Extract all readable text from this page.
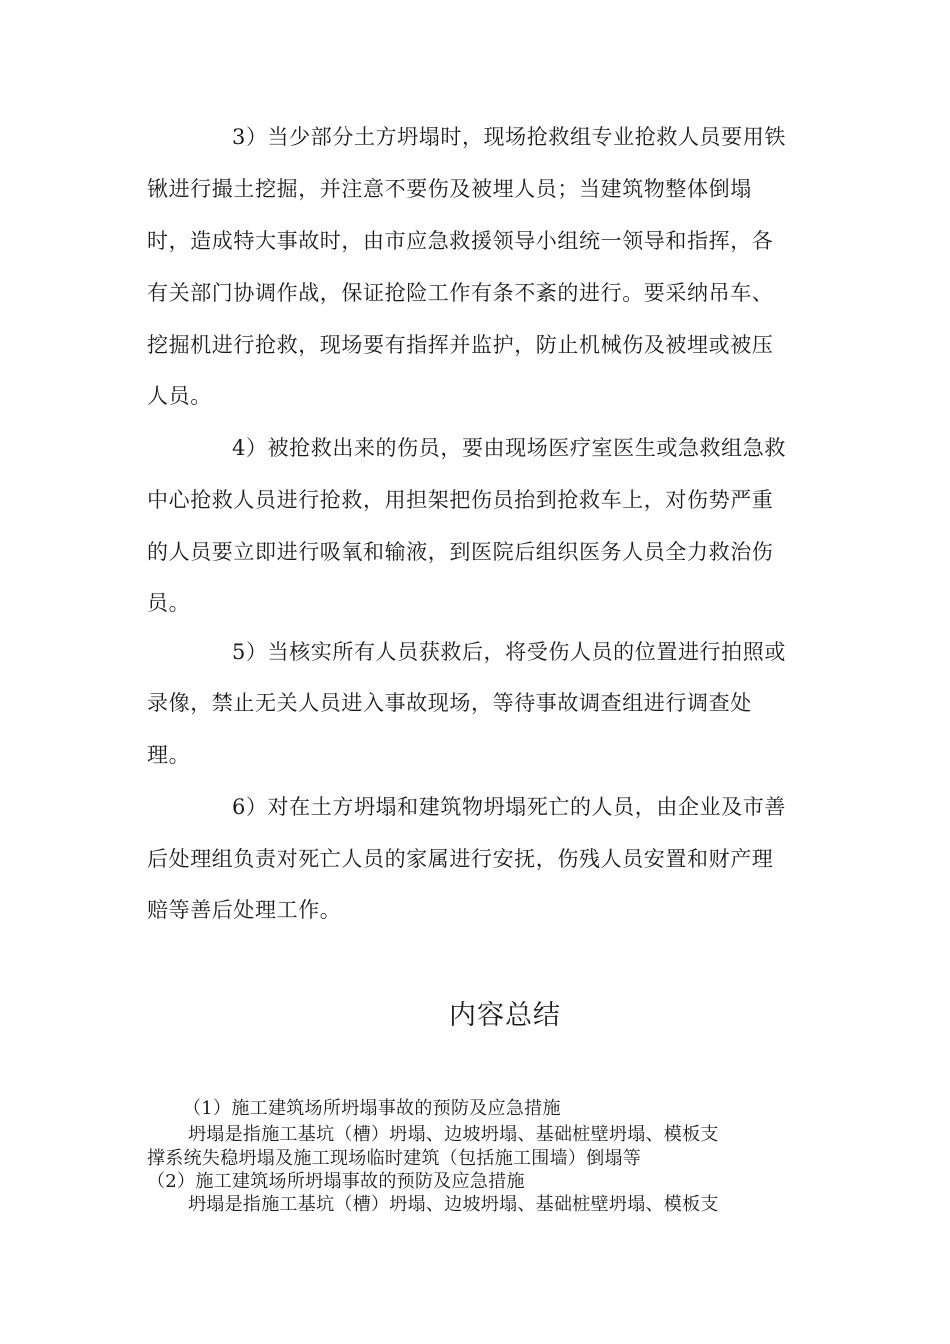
3）当少部分土方坍塌时，现场抢救组专业抢救人员要用铁
锹进行撮土挖掘，并注意不要伤及被埋人员；当建筑物整体倒塌
时，造成特大事故时，由市应急救援领导小组统一领导和指挥，各
有关部门协调作战，保证抢险工作有条不紊的进行。要采纳吊车、
挖掘机进行抢救，现场要有指挥并监护，防止机械伤及被埋或被压
人员。
4）被抢救出来的伤员，要由现场医疗室医生或急救组急救
中心抢救人员进行抢救，用担架把伤员抬到抢救车上，对伤势严重
的人员要立即进行吸氧和输液，到医院后组织医务人员全力救治伤
员。
5）当核实所有人员获救后，将受伤人员的位置进行拍照或
录像，禁止无关人员进入事故现场，等待事故调查组进行调查处
理。
6）对在土方坍塌和建筑物坍塌死亡的人员，由企业及市善
后处理组负责对死亡人员的家属进行安抚，伤残人员安置和财产理
赔等善后处理工作。
内容总结
（1）施工建筑场所坍塌事故的预防及应急措施
坍塌是指施工基坑（槽）坍塌、边坡坍塌、基础桩壁坍塌、模板支
撑系统失稳坍塌及施工现场临时建筑（包括施工围墙）倒塌等
（2）施工建筑场所坍塌事故的预防及应急措施
坍塌是指施工基坑（槽）坍塌、边坡坍塌、基础桩壁坍塌、模板支
